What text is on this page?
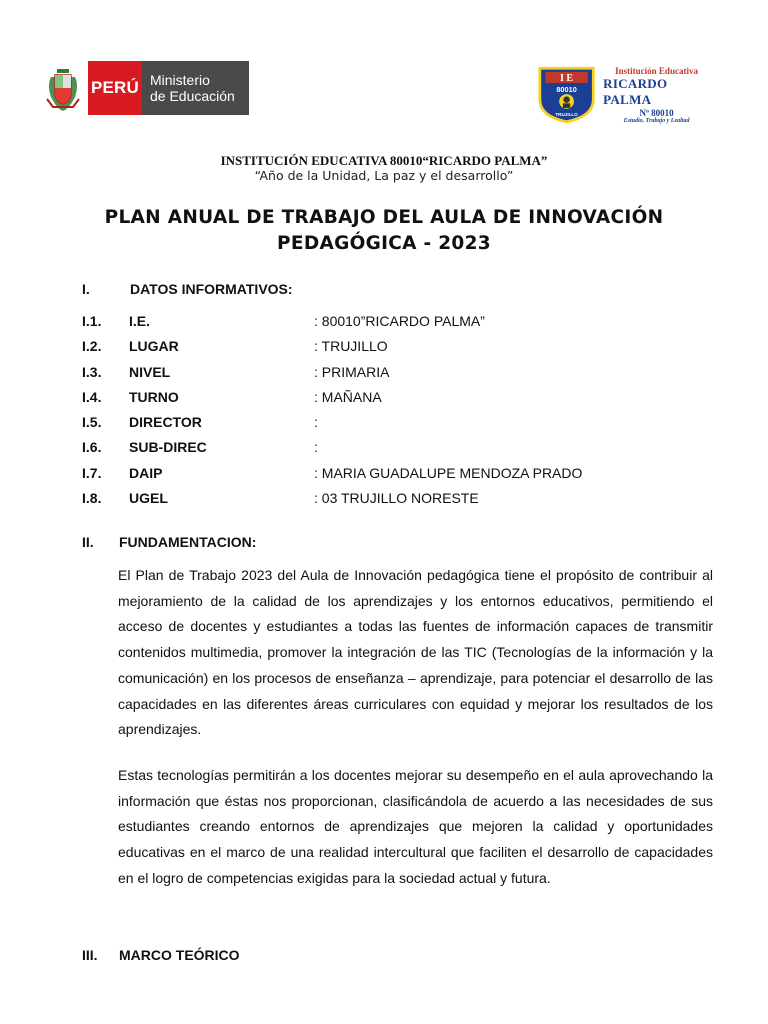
PERÚ Ministerio
de Educación
I E
80010
TRUJILLO
Institución Educativa
RICARDO PALMA
Nº 80010
Estudio, Trabajo y Lealtad
INSTITUCIÓN EDUCATIVA 80010“RICARDO PALMA”
“Año de la Unidad, La paz y el desarrollo”
PLAN ANUAL DE TRABAJO DEL AULA DE INNOVACIÓN PEDAGÓGICA - 2023
I.	DATOS INFORMATIVOS:
I.1. I.E.	: 80010”RICARDO PALMA”
I.2. LUGAR	: TRUJILLO
I.3. NIVEL	: PRIMARIA
I.4. TURNO	: MAÑANA
I.5. DIRECTOR	:
I.6. SUB-DIREC	:
I.7. DAIP	: MARIA GUADALUPE MENDOZA PRADO
I.8. UGEL	: 03 TRUJILLO NORESTE
II. FUNDAMENTACION:

El Plan de Trabajo 2023 del Aula de Innovación pedagógica tiene el propósito de contribuir al mejoramiento de la calidad de los aprendizajes y los entornos educativos, permitiendo el acceso de docentes y estudiantes a todas las fuentes de información capaces de transmitir contenidos multimedia, promover la integración de las TIC (Tecnologías de la información y la comunicación) en los procesos de enseñanza – aprendizaje, para potenciar el desarrollo de las capacidades en las diferentes áreas curriculares con equidad y mejorar los resultados de los aprendizajes.

Estas tecnologías permitirán a los docentes mejorar su desempeño en el aula aprovechando la información que éstas nos proporcionan, clasificándola de acuerdo a las necesidades de sus estudiantes creando entornos de aprendizajes que mejoren la calidad y oportunidades educativas en el marco de una realidad intercultural que faciliten el desarrollo de capacidades en el logro de competencias exigidas para la sociedad actual y futura.

III. MARCO TEÓRICO
